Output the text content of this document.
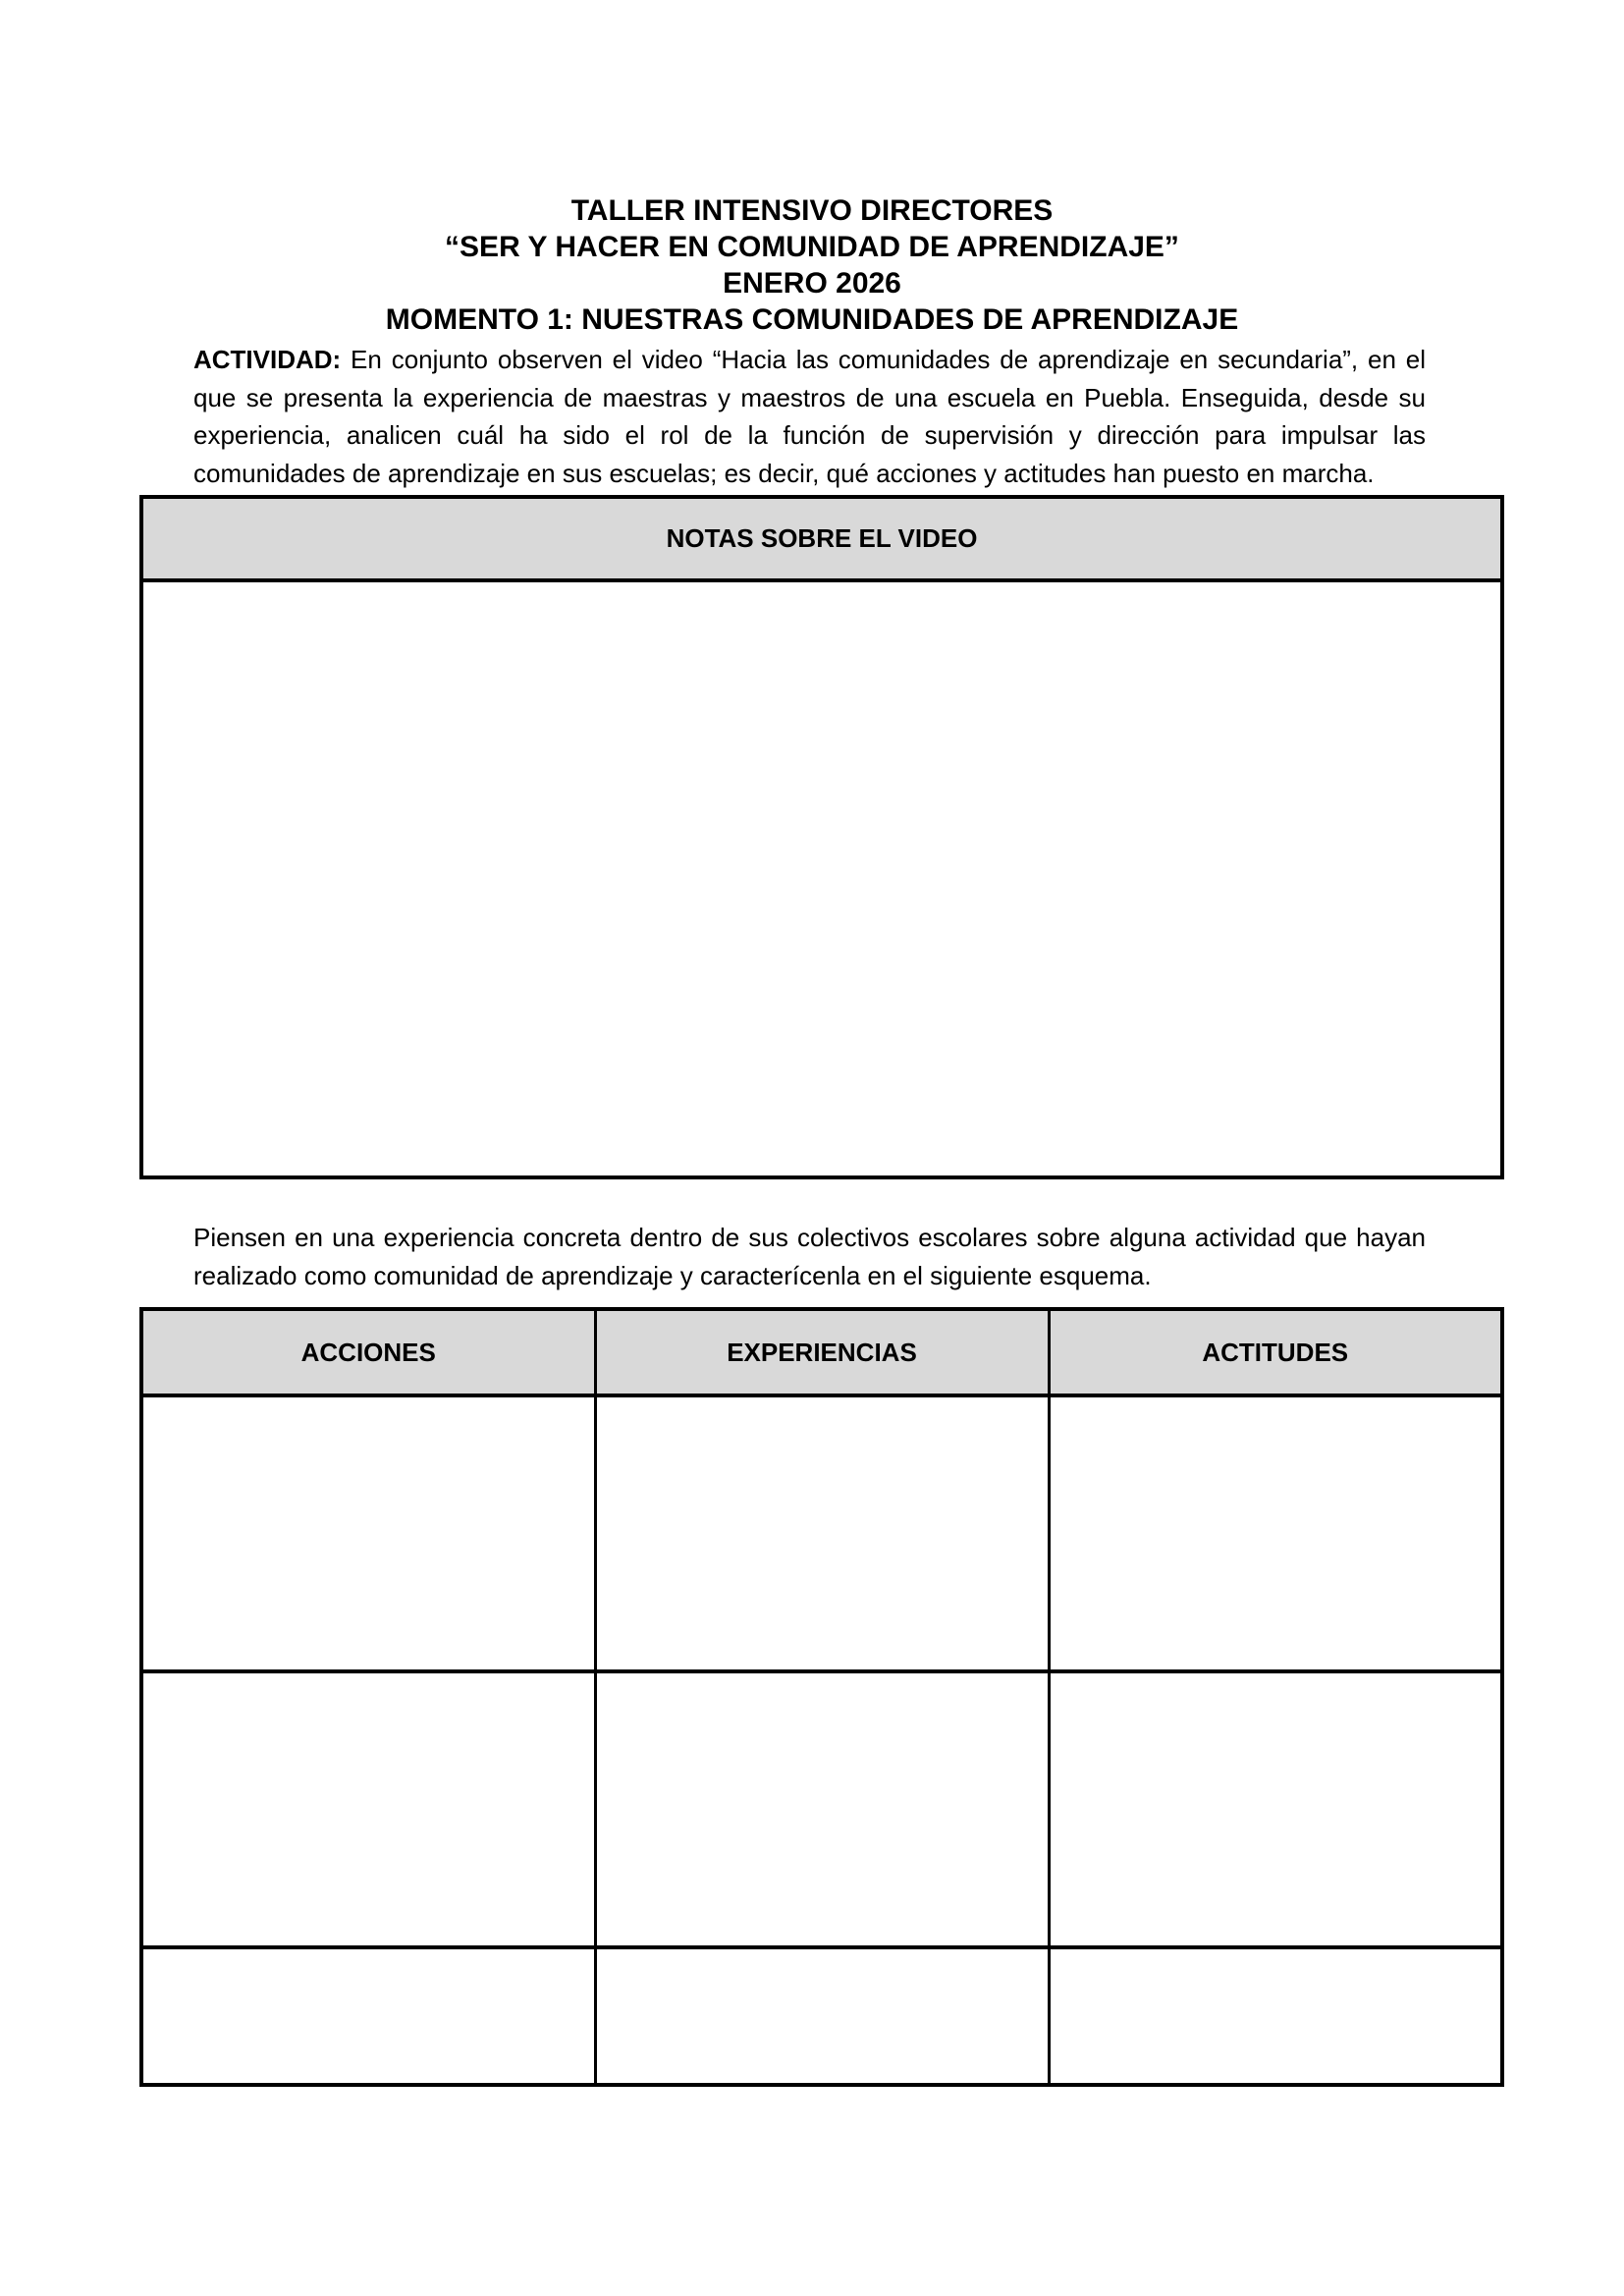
TALLER INTENSIVO DIRECTORES
“SER Y HACER EN COMUNIDAD DE APRENDIZAJE”
ENERO 2026
MOMENTO 1: NUESTRAS COMUNIDADES DE APRENDIZAJE

ACTIVIDAD: En conjunto observen el video “Hacia las comunidades de aprendizaje en secundaria”, en el que se presenta la experiencia de maestras y maestros de una escuela en Puebla. Enseguida, desde su experiencia, analicen cuál ha sido el rol de la función de supervisión y dirección para impulsar las comunidades de aprendizaje en sus escuelas; es decir, qué acciones y actitudes han puesto en marcha.

NOTAS SOBRE EL VIDEO

Piensen en una experiencia concreta dentro de sus colectivos escolares sobre alguna actividad que hayan realizado como comunidad de aprendizaje y caracterícenla en el siguiente esquema.

ACCIONES	EXPERIENCIAS	ACTITUDES
